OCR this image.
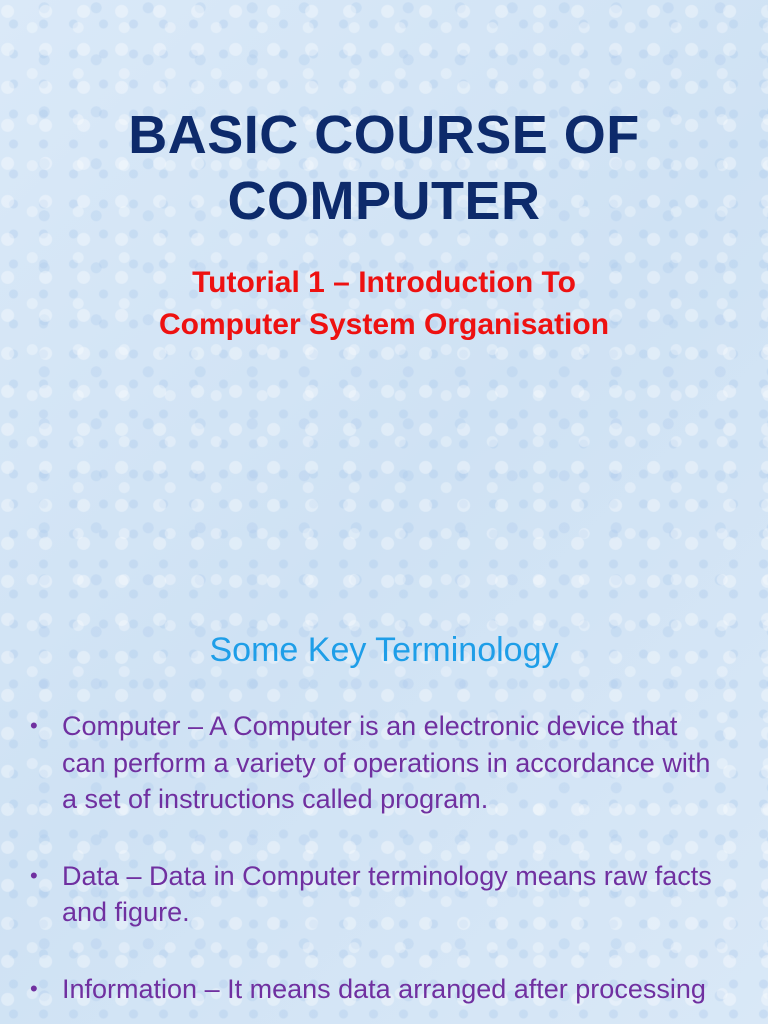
BASIC COURSE OF
COMPUTER
Tutorial 1 – Introduction To
Computer System Organisation
Some Key Terminology
• Computer – A Computer is an electronic device that can perform a variety of operations in accordance with a set of instructions called program.
• Data – Data in Computer terminology means raw facts and figure.
• Information – It means data arranged after processing
